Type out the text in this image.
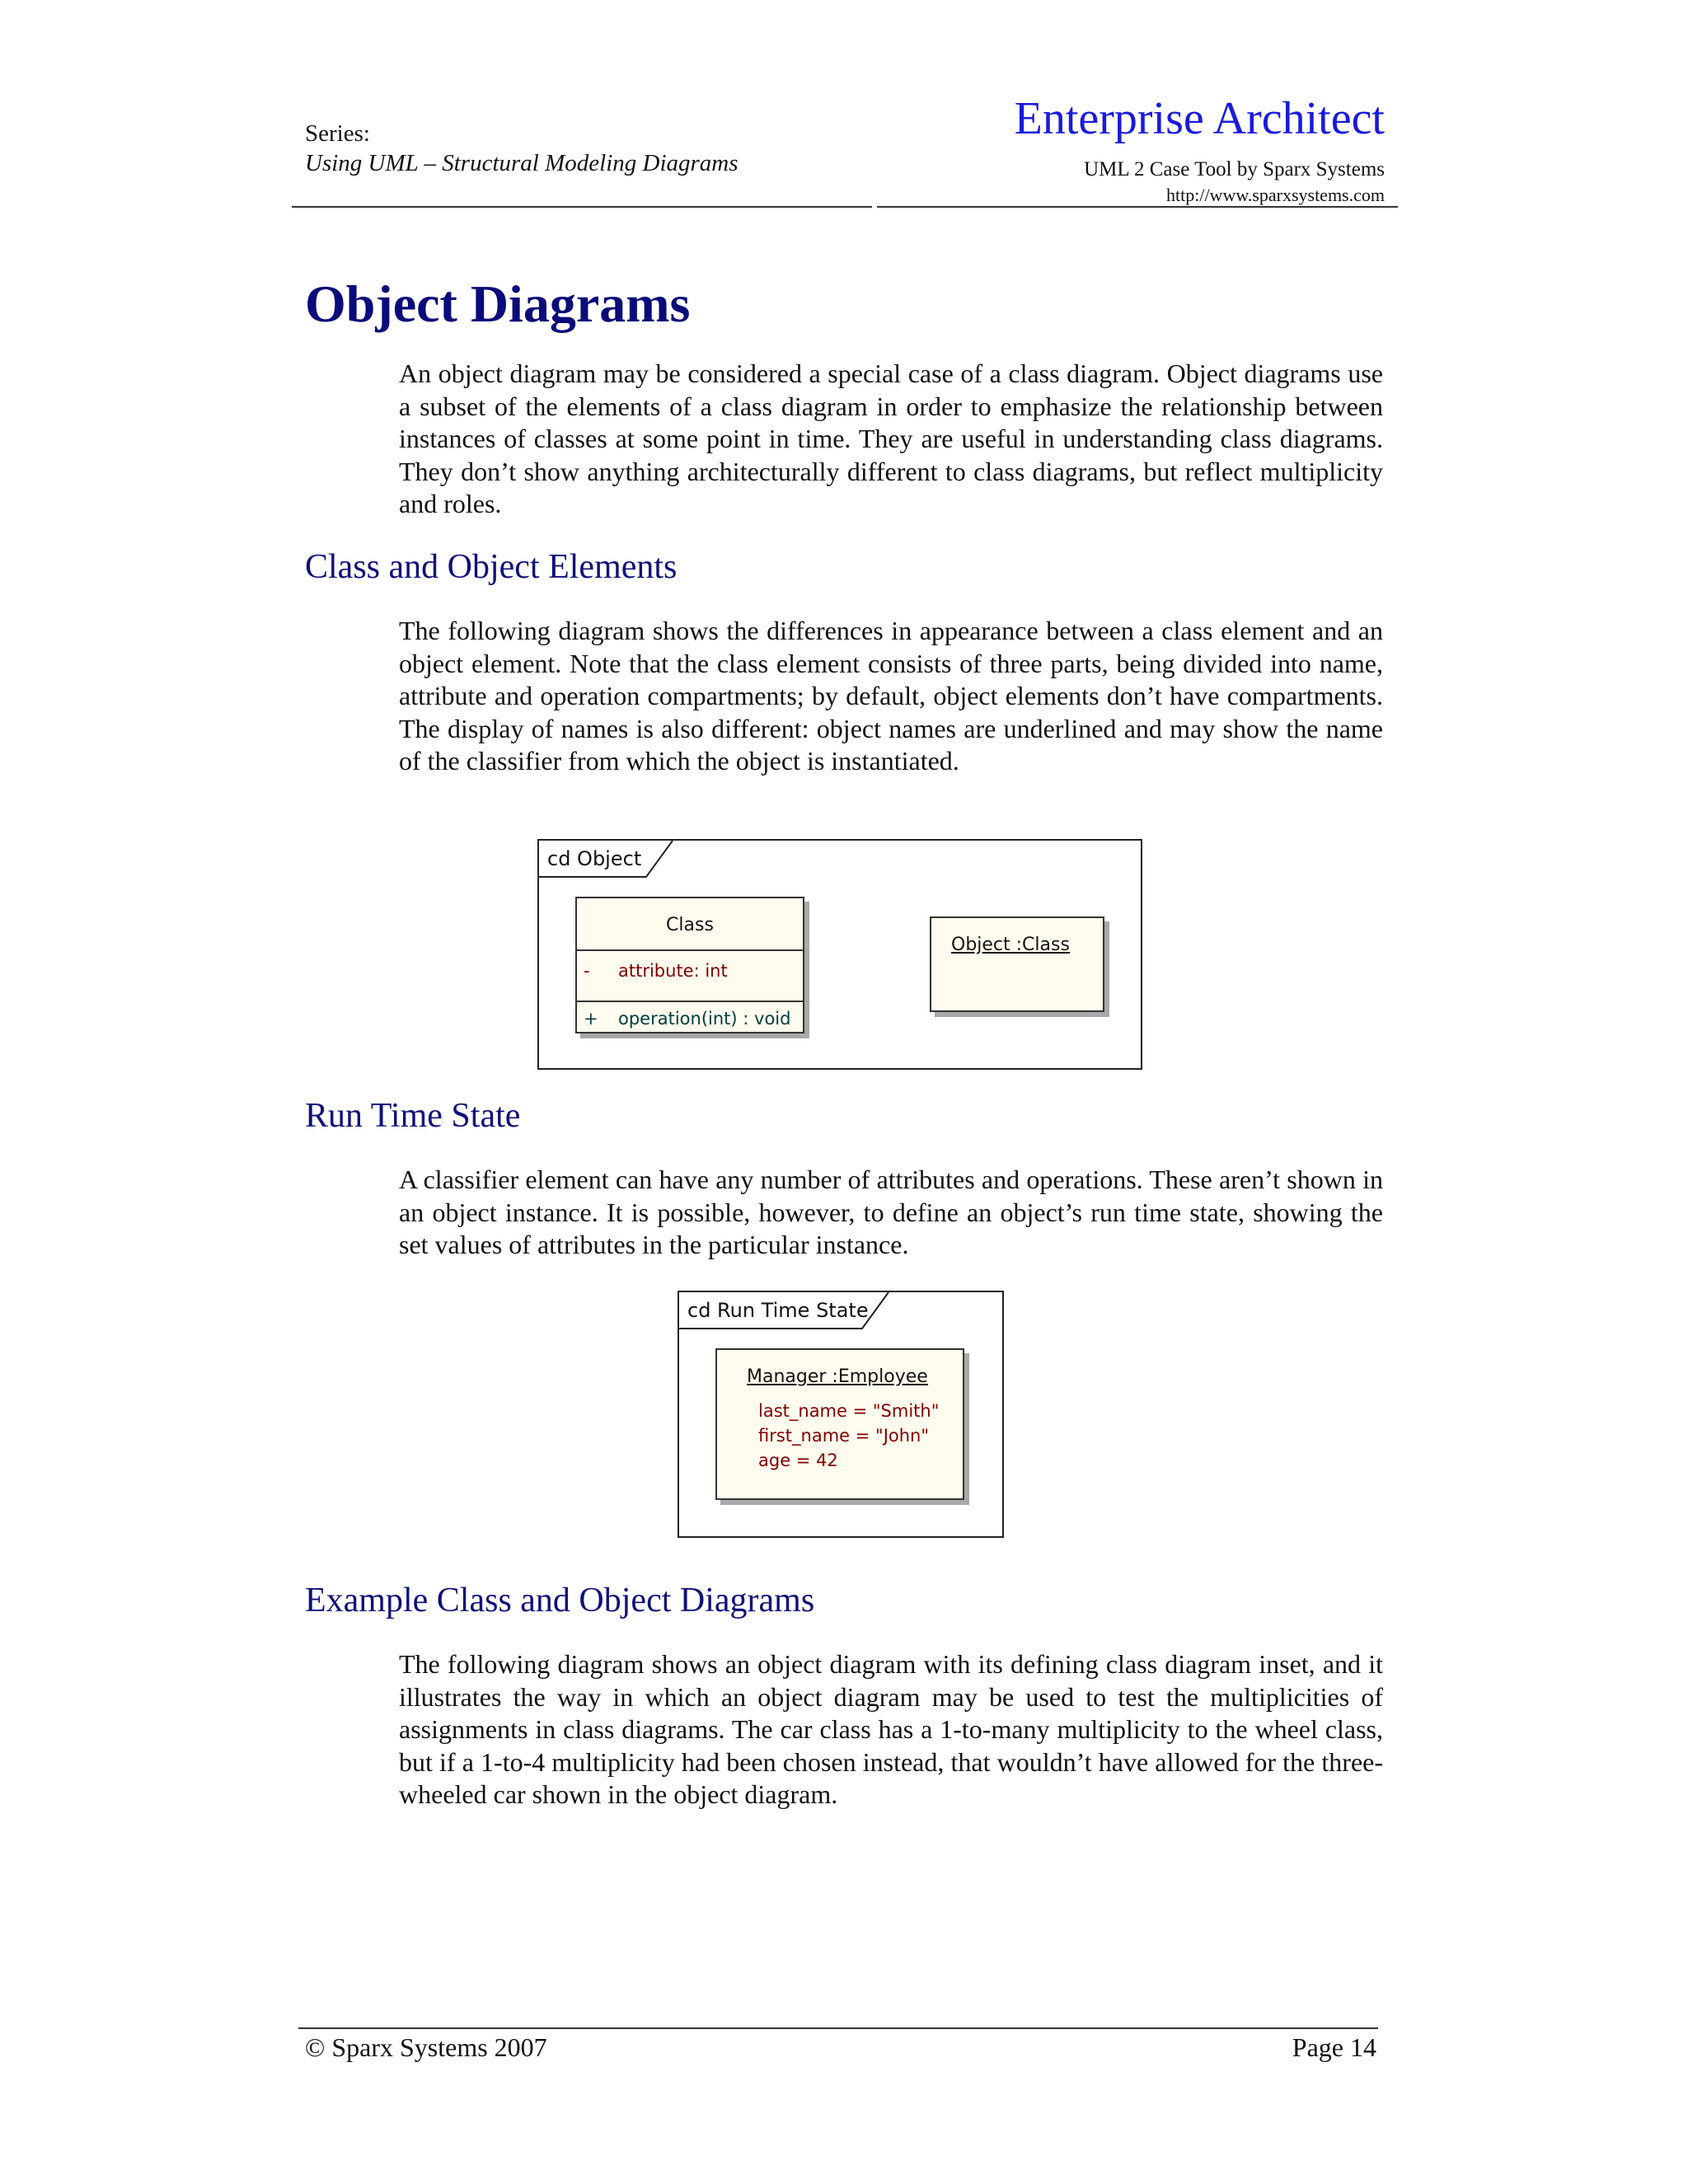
Series:
Using UML – Structural Modeling Diagrams
Enterprise Architect
UML 2 Case Tool by Sparx Systems
http://www.sparxsystems.com
Object Diagrams

An object diagram may be considered a special case of a class diagram. Object diagrams use a subset of the elements of a class diagram in order to emphasize the relationship between instances of classes at some point in time. They are useful in understanding class diagrams. They don’t show anything architecturally different to class diagrams, but reflect multiplicity and roles.

Class and Object Elements

The following diagram shows the differences in appearance between a class element and an object element. Note that the class element consists of three parts, being divided into name, attribute and operation compartments; by default, object elements don’t have compartments. The display of names is also different: object names are underlined and may show the name of the classifier from which the object is instantiated.

cd Object
Class
- attribute: int
+ operation(int) : void
Object :Class
Run Time State

A classifier element can have any number of attributes and operations. These aren’t shown in an object instance. It is possible, however, to define an object’s run time state, showing the set values of attributes in the particular instance.

cd Run Time State
Manager :Employee
last_name = "Smith"
first_name = "John"
age = 42
Example Class and Object Diagrams

The following diagram shows an object diagram with its defining class diagram inset, and it illustrates the way in which an object diagram may be used to test the multiplicities of assignments in class diagrams. The car class has a 1-to-many multiplicity to the wheel class, but if a 1-to-4 multiplicity had been chosen instead, that wouldn’t have allowed for the three-wheeled car shown in the object diagram.

© Sparx Systems 2007	Page 14
